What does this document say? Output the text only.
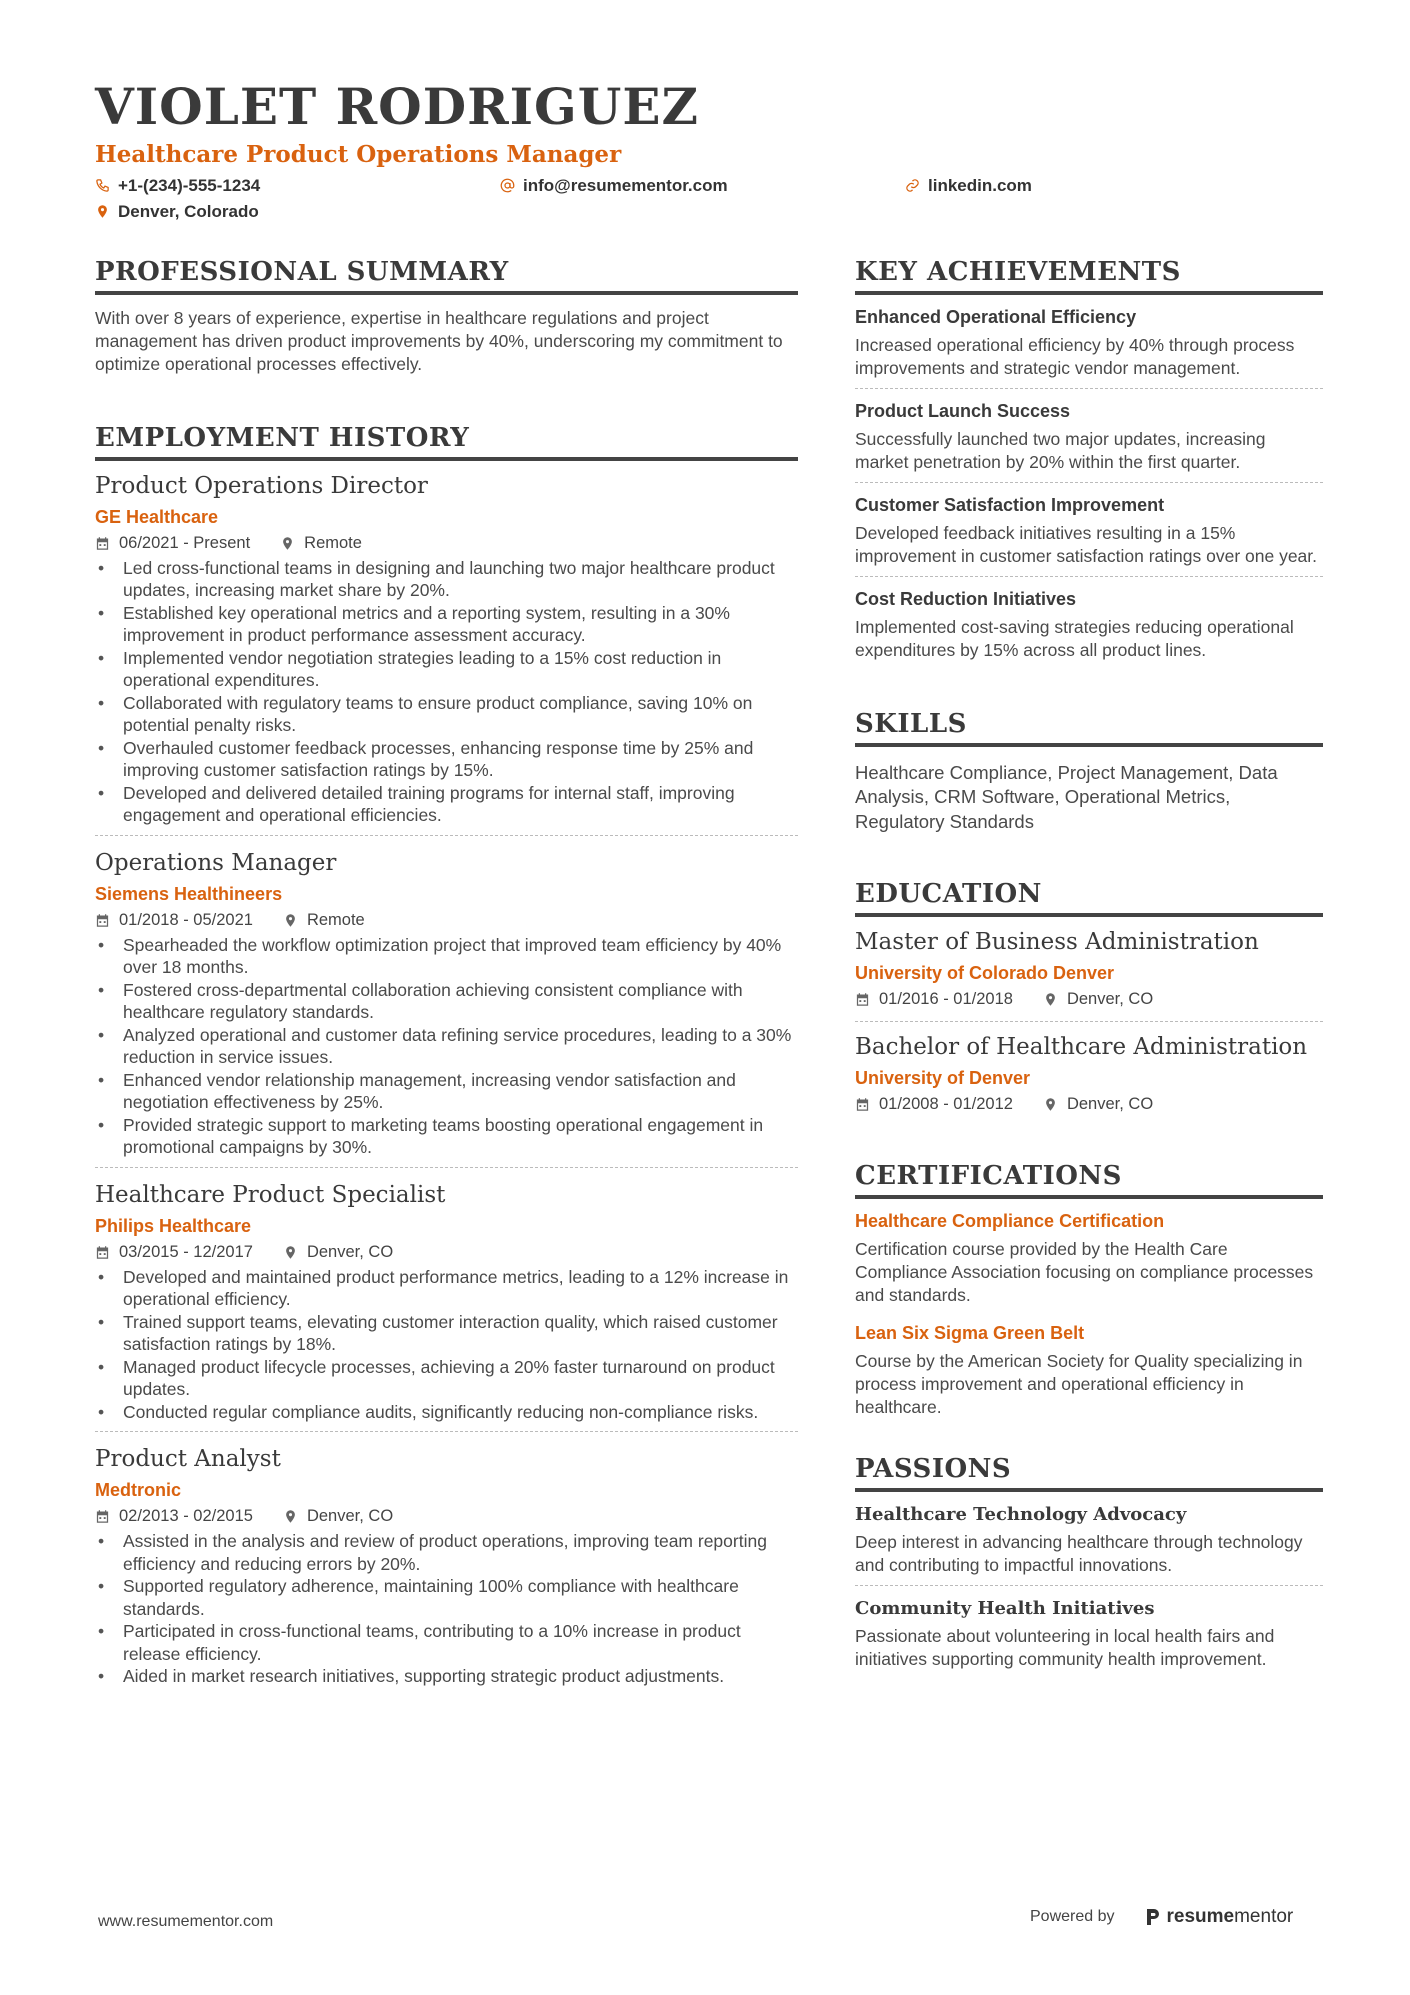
VIOLET RODRIGUEZ
Healthcare Product Operations Manager
+1-(234)-555-1234	info@resumementor.com	linkedin.com
Denver, Colorado
PROFESSIONAL SUMMARY

With over 8 years of experience, expertise in healthcare regulations and project management has driven product improvements by 40%, underscoring my commitment to optimize operational processes effectively.

EMPLOYMENT HISTORY
Product Operations Director
GE Healthcare
06/2021 - Present	Remote
• Led cross-functional teams in designing and launching two major healthcare product updates, increasing market share by 20%.
• Established key operational metrics and a reporting system, resulting in a 30% improvement in product performance assessment accuracy.
• Implemented vendor negotiation strategies leading to a 15% cost reduction in operational expenditures.
• Collaborated with regulatory teams to ensure product compliance, saving 10% on potential penalty risks.
• Overhauled customer feedback processes, enhancing response time by 25% and improving customer satisfaction ratings by 15%.
• Developed and delivered detailed training programs for internal staff, improving engagement and operational efficiencies.
Operations Manager
Siemens Healthineers
01/2018 - 05/2021	Remote
• Spearheaded the workflow optimization project that improved team efficiency by 40% over 18 months.
• Fostered cross-departmental collaboration achieving consistent compliance with healthcare regulatory standards.
• Analyzed operational and customer data refining service procedures, leading to a 30% reduction in service issues.
• Enhanced vendor relationship management, increasing vendor satisfaction and negotiation effectiveness by 25%.
• Provided strategic support to marketing teams boosting operational engagement in promotional campaigns by 30%.
Healthcare Product Specialist
Philips Healthcare
03/2015 - 12/2017	Denver, CO
• Developed and maintained product performance metrics, leading to a 12% increase in operational efficiency.
• Trained support teams, elevating customer interaction quality, which raised customer satisfaction ratings by 18%.
• Managed product lifecycle processes, achieving a 20% faster turnaround on product updates.
• Conducted regular compliance audits, significantly reducing non-compliance risks.
Product Analyst
Medtronic
02/2013 - 02/2015	Denver, CO
• Assisted in the analysis and review of product operations, improving team reporting efficiency and reducing errors by 20%.
• Supported regulatory adherence, maintaining 100% compliance with healthcare standards.
• Participated in cross-functional teams, contributing to a 10% increase in product release efficiency.
• Aided in market research initiatives, supporting strategic product adjustments.
KEY ACHIEVEMENTS
Enhanced Operational Efficiency

Increased operational efficiency by 40% through process improvements and strategic vendor management.

Product Launch Success

Successfully launched two major updates, increasing market penetration by 20% within the first quarter.

Customer Satisfaction Improvement

Developed feedback initiatives resulting in a 15% improvement in customer satisfaction ratings over one year.

Cost Reduction Initiatives

Implemented cost-saving strategies reducing operational expenditures by 15% across all product lines.

SKILLS

Healthcare Compliance, Project Management, Data Analysis, CRM Software, Operational Metrics, Regulatory Standards

EDUCATION
Master of Business Administration
University of Colorado Denver
01/2016 - 01/2018	Denver, CO
Bachelor of Healthcare Administration
University of Denver
01/2008 - 01/2012	Denver, CO
CERTIFICATIONS
Healthcare Compliance Certification

Certification course provided by the Health Care Compliance Association focusing on compliance processes and standards.

Lean Six Sigma Green Belt

Course by the American Society for Quality specializing in process improvement and operational efficiency in healthcare.

PASSIONS
Healthcare Technology Advocacy

Deep interest in advancing healthcare through technology and contributing to impactful innovations.

Community Health Initiatives

Passionate about volunteering in local health fairs and initiatives supporting community health improvement.

www.resumementor.com	Powered by	resumementor
